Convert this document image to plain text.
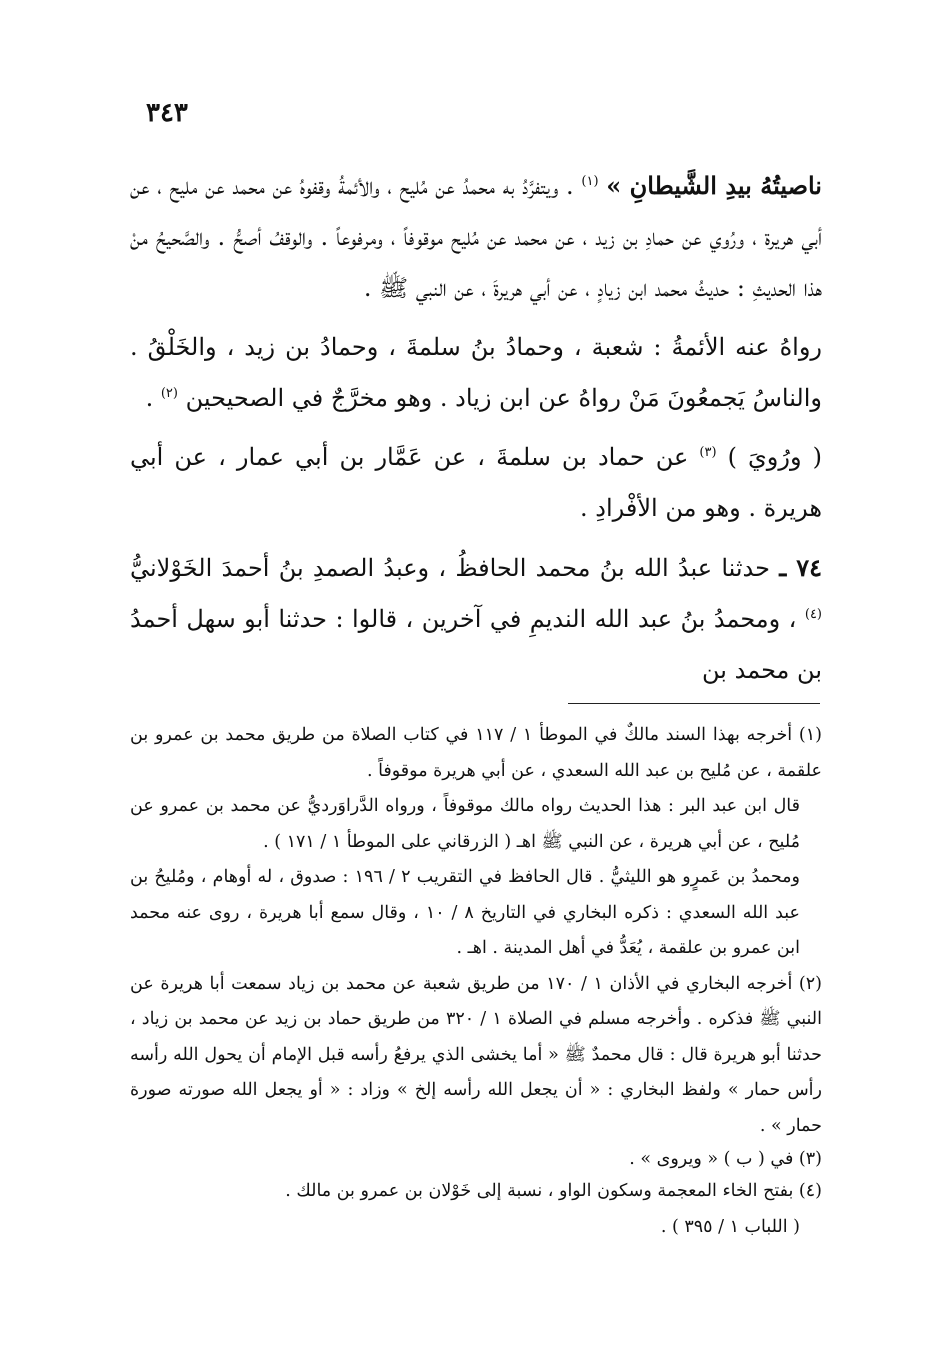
٣٤٣

ناصيتُهُ بيدِ الشَّيطانِ » $^{(١)}$ . ويتفرَّدُ به محمدُ عن مُليح ، والأئمةُ وقفوهُ عن محمد عن مليح ، عن أبي هريرة ، ورُوي عن حمادِ بن زيد ، عن محمد عن مُليح موقوفاً ، ومرفوعاً . والوقفُ أصحُّ . والصَّحيحُ منْ هذا الحديثِ : حديثُ محمد ابن زيادٍ ، عن أبي هريرةَ ، عن النبي ﷺ .

رواهُ عنه الأئمةُ : شعبة ، وحمادُ بنُ سلمةَ ، وحمادُ بن زيد ، والخَلْقُ . والناسُ يَجمعُونَ مَنْ رواهُ عن ابن زياد . وهو مخرَّجٌ في الصحيحين $^{(٢)}$ .

( ورُويَ ) $^{(٣)}$ عن حماد بن سلمةَ ، عن عَمَّار بن أبي عمار ، عن أبي هريرة . وهو من الأفْرادِ .

٧٤ ـ حدثنا عبدُ الله بنُ محمد الحافظُ ، وعبدُ الصمدِ بنُ أحمدَ الخَوْلانيُّ $^{(٤)}$ ، ومحمدُ بنُ عبد الله النديمِ في آخرين ، قالوا : حدثنا أبو سهل أحمدُ بن محمد بن

(١) أخرجه بهذا السند مالكٌ في الموطأ ١ / ١١٧ في كتاب الصلاة من طريق محمد بن عمرو بن علقمة ، عن مُليح بن عبد الله السعدي ، عن أبي هريرة موقوفاً .

قال ابن عبد البر : هذا الحديث رواه مالك موقوفاً ، ورواه الدَّراوَرديُّ عن محمد بن عمرو عن مُليح ، عن أبي هريرة ، عن النبي ﷺ اهـ ( الزرقاني على الموطأ ١ / ١٧١ ) .

ومحمدُ بن عَمرٍو هو الليثيُّ . قال الحافظ في التقريب ٢ / ١٩٦ : صدوق ، له أوهام ، ومُليحُ بن عبد الله السعدي : ذكره البخاري في التاريخ ٨ / ١٠ ، وقال سمع أبا هريرة ، روى عنه محمد ابن عمرو بن علقمة ، يُعَدُّ في أهل المدينة . اهـ .

(٢) أخرجه البخاري في الأذان ١ / ١٧٠ من طريق شعبة عن محمد بن زياد سمعت أبا هريرة عن النبي ﷺ فذكره . وأخرجه مسلم في الصلاة ١ / ٣٢٠ من طريق حماد بن زيد عن محمد بن زياد ، حدثنا أبو هريرة قال : قال محمدٌ ﷺ « أما يخشى الذي يرفعُ رأسه قبل الإمام أن يحول الله رأسه رأس حمار » ولفظ البخاري : « أن يجعل الله رأسه إلخ » وزاد : « أو يجعل الله صورته صورة حمار » .

(٣) في ( ب ) « ويروى » .

(٤) بفتح الخاء المعجمة وسكون الواو ، نسبة إلى خَوْلان بن عمرو بن مالك .

( اللباب ١ / ٣٩٥ ) .
